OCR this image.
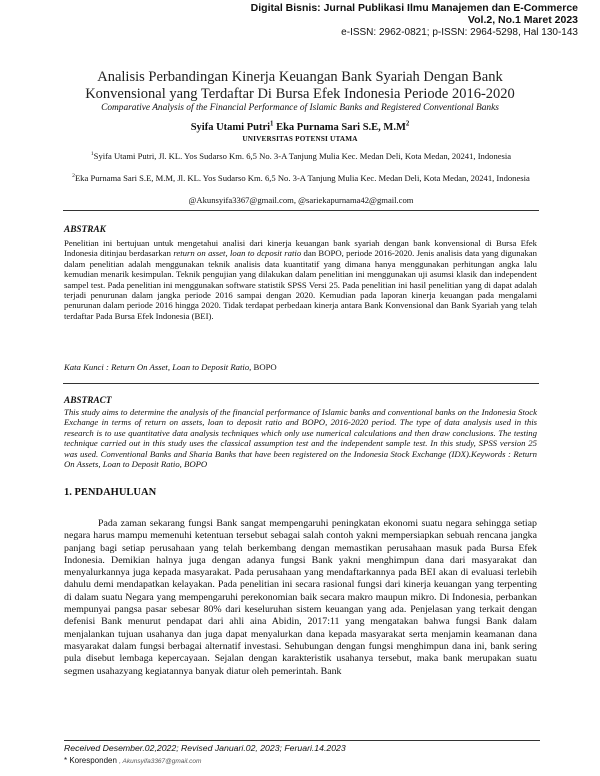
Digital Bisnis: Jurnal Publikasi Ilmu Manajemen dan E-Commerce
Vol.2, No.1 Maret 2023
e-ISSN: 2962-0821; p-ISSN: 2964-5298, Hal 130-143
Analisis Perbandingan Kinerja Keuangan Bank Syariah Dengan Bank Konvensional yang Terdaftar Di Bursa Efek Indonesia Periode 2016-2020
Comparative Analysis of the Financial Performance of Islamic Banks and Registered Conventional Banks
Syifa Utami Putri$^1$ Eka Purnama Sari S.E, $M.M^2$
UNIVERSITAS POTENSI UTAMA
$^1$Syifa Utami Putri, Jl. KL. Yos Sudarso Km. 6,5 No. 3-A Tanjung Mulia Kec. Medan Deli, Kota Medan, 20241, Indonesia
$^2$Eka Purnama Sari S.E, M.M, Jl. KL. Yos Sudarso Km. 6,5 No. 3-A Tanjung Mulia Kec. Medan Deli, Kota Medan, 20241, Indonesia
@Akunsyifa3367@gmail.com, @sariekapurnama42@gmail.com
ABSTRAK
Penelitian ini bertujuan untuk mengetahui analisi dari kinerja keuangan bank syariah dengan bank konvensional di Bursa Efek Indonesia ditinjau berdasarkan return on asset, loan to dcposit ratio dan BOPO, periode 2016-2020. Jenis analisis data yang digunakan dalam penelitian adalah menggunakan teknik analisis data kuantitatif yang dimana hanya menggunakan perhitungan angka lalu kemudian menarik kesimpulan. Teknik pengujian yang dilakukan dalam penelitian ini menggunakan uji asumsi klasik dan independent sampel test. Pada penelitian ini menggunakan software statistik SPSS Versi 25. Pada penelitian ini hasil penelitian yang di dapat adalah terjadi penurunan dalam jangka periode 2016 sampai dengan 2020. Kemudian pada laporan kinerja keuangan pada mengalami penurunan dalam periode 2016 hingga 2020. Tidak terdapat perbedaan kinerja antara Bank Konvensional dan Bank Syariah yang telah terdaftar Pada Bursa Efek Indonesia (BEI).
Kata Kunci : Return On Asset, Loan to Deposit Ratio, BOPO
ABSTRACT
This study aims to determine the analysis of the financial performance of Islamic banks and conventional banks on the Indonesia Stock Exchange in terms of return on assets, loan to deposit ratio and BOPO, 2016-2020 period. The type of data analysis used in this research is to use quantitative data analysis techniques which only use numerical calculations and then draw conclusions. The testing technique carried out in this study uses the classical assumption test and the independent sample test. In this study, SPSS version 25 was used. Conventional Banks and Sharia Banks that have been registered on the Indonesia Stock Exchange (IDX).Keywords : Return On Assets, Loan to Deposit Ratio, BOPO
1. PENDAHULUAN
Pada zaman sekarang fungsi Bank sangat mempengaruhi peningkatan ekonomi suatu negara sehingga setiap negara harus mampu memenuhi ketentuan tersebut sebagai salah contoh yakni mempersiapkan sebuah rencana jangka panjang bagi setiap perusahaan yang telah berkembang dengan memastikan perusahaan masuk pada Bursa Efek Indonesia. Demikian halnya juga dengan adanya fungsi Bank yakni menghimpun dana dari masyarakat dan menyalurkannya juga kepada masyarakat. Pada perusahaan yang mendaftarkannya pada BEI akan di evaluasi terlebih dahulu demi mendapatkan kelayakan. Pada penelitian ini secara rasional fungsi dari kinerja keuangan yang terpenting di dalam suatu Negara yang mempengaruhi perekonomian baik secara makro maupun mikro. Di Indonesia, perbankan mempunyai pangsa pasar sebesar 80% dari keseluruhan sistem keuangan yang ada. Penjelasan yang terkait dengan defenisi Bank menurut pendapat dari ahli aina Abidin, 2017:11 yang mengatakan bahwa fungsi Bank dalam menjalankan tujuan usahanya dan juga dapat menyalurkan dana kepada masyarakat serta menjamin keamanan dana masyarakat dalam fungsi berbagai alternatif investasi. Sehubungan dengan fungsi menghimpun dana ini, bank sering pula disebut lembaga kepercayaan. Sejalan dengan karakteristik usahanya tersebut, maka bank merupakan suatu segmen usahazyang kegiatannya banyak diatur oleh pemerintah. Bank
Received Desember.02,2022; Revised Januari.02, 2023; Feruari.14.2023
* Koresponden , Akunsyifa3367@gmail.com
